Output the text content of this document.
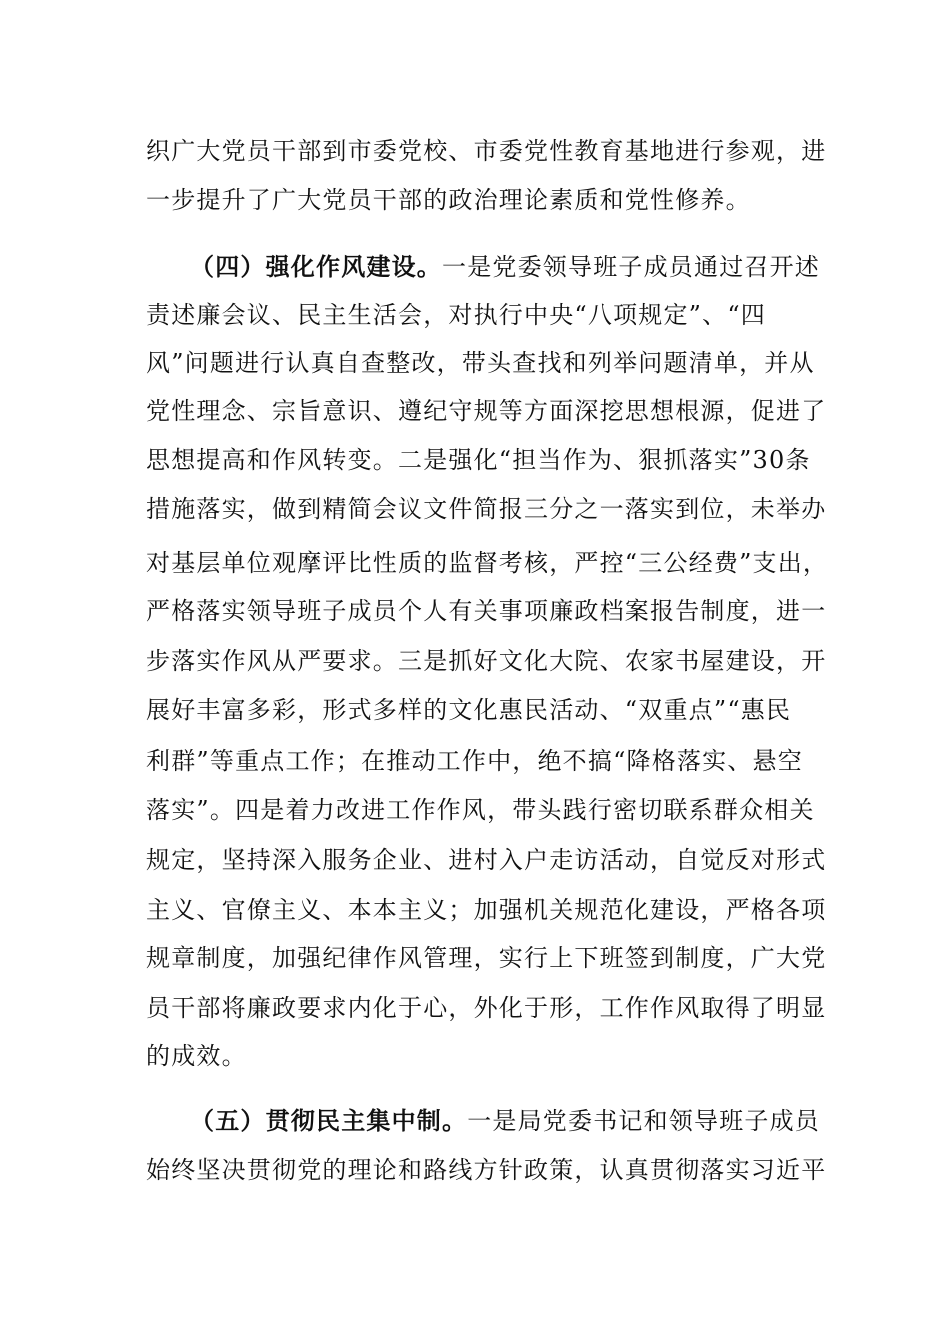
织广大党员干部到市委党校、市委党性教育基地进行参观，进
一步提升了广大党员干部的政治理论素质和党性修养。
（四）强化作风建设。一是党委领导班子成员通过召开述
责述廉会议、民主生活会，对执行中央“八项规定”、“四
风”问题进行认真自查整改，带头查找和列举问题清单，并从
党性理念、宗旨意识、遵纪守规等方面深挖思想根源，促进了
思想提高和作风转变。二是强化“担当作为、狠抓落实”30条
措施落实，做到精简会议文件简报三分之一落实到位，未举办
对基层单位观摩评比性质的监督考核，严控“三公经费”支出，
严格落实领导班子成员个人有关事项廉政档案报告制度，进一
步落实作风从严要求。三是抓好文化大院、农家书屋建设，开
展好丰富多彩，形式多样的文化惠民活动、“双重点”“惠民
利群”等重点工作；在推动工作中，绝不搞“降格落实、悬空
落实”。四是着力改进工作作风，带头践行密切联系群众相关
规定，坚持深入服务企业、进村入户走访活动，自觉反对形式
主义、官僚主义、本本主义；加强机关规范化建设，严格各项
规章制度，加强纪律作风管理，实行上下班签到制度，广大党
员干部将廉政要求内化于心，外化于形，工作作风取得了明显
的成效。
（五）贯彻民主集中制。一是局党委书记和领导班子成员
始终坚决贯彻党的理论和路线方针政策，认真贯彻落实习近平
